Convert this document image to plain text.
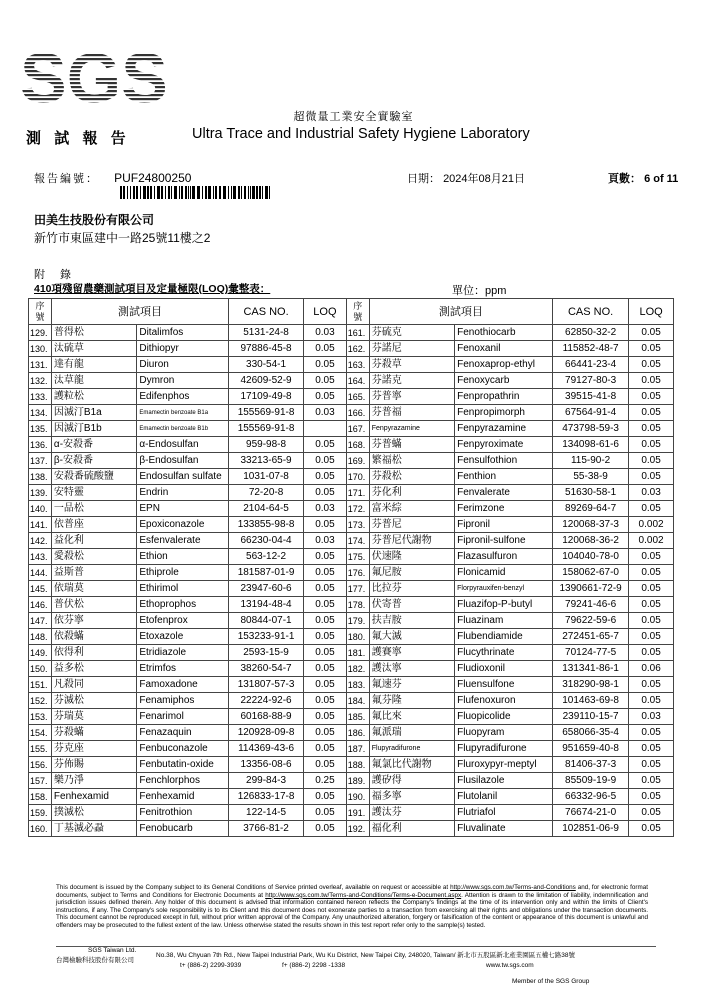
SGS	超微量工業安全實驗室
測 試 報 告	Ultra Trace and Industrial Safety Hygiene Laboratory
報告編號： PUF24800250	日期： 2024年08月21日	頁數： 6 of 11
田美生技股份有限公司
新竹市東區建中一路25號11樓之2
附 錄
410項殘留農藥測試項目及定量極限(LOQ)彙整表：	單位：ppm
序號	測試項目		CAS NO.	LOQ	序號	測試項目		CAS NO.	LOQ
129.	普得松	Ditalimfos	5131-24-8	0.03	161.	芬硫克	Fenothiocarb	62850-32-2	0.05
130.	汰硫草	Dithiopyr	97886-45-8	0.05	162.	芬諾尼	Fenoxanil	115852-48-7	0.05
131.	達有龍	Diuron	330-54-1	0.05	163.	芬殺草	Fenoxaprop-ethyl	66441-23-4	0.05
132.	汰草龍	Dymron	42609-52-9	0.05	164.	芬諾克	Fenoxycarb	79127-80-3	0.05
133.	護粒松	Edifenphos	17109-49-8	0.05	165.	芬普寧	Fenpropathrin	39515-41-8	0.05
134.	因滅汀B1a	Emamectin benzoate B1a	155569-91-8	0.03	166.	芬普福	Fenpropimorph	67564-91-4	0.05
135.	因滅汀B1b	Emamectin benzoate B1b	155569-91-8		167.	Fenpyrazamine	Fenpyrazamine	473798-59-3	0.05
136.	α-安殺番	α-Endosulfan	959-98-8	0.05	168.	芬普蟎	Fenpyroximate	134098-61-6	0.05
137.	β-安殺番	β-Endosulfan	33213-65-9	0.05	169.	繁福松	Fensulfothion	115-90-2	0.05
138.	安殺番硫酸鹽	Endosulfan sulfate	1031-07-8	0.05	170.	芬殺松	Fenthion	55-38-9	0.05
139.	安特靈	Endrin	72-20-8	0.05	171.	芬化利	Fenvalerate	51630-58-1	0.03
140.	一品松	EPN	2104-64-5	0.03	172.	富米綜	Ferimzone	89269-64-7	0.05
141.	依普座	Epoxiconazole	133855-98-8	0.05	173.	芬普尼	Fipronil	120068-37-3	0.002
142.	益化利	Esfenvalerate	66230-04-4	0.03	174.	芬普尼代謝物	Fipronil-sulfone	120068-36-2	0.002
143.	愛殺松	Ethion	563-12-2	0.05	175.	伏速隆	Flazasulfuron	104040-78-0	0.05
144.	益斯普	Ethiprole	181587-01-9	0.05	176.	氟尼胺	Flonicamid	158062-67-0	0.05
145.	依瑞莫	Ethirimol	23947-60-6	0.05	177.	比拉芬	Florpyrauxifen-benzyl	1390661-72-9	0.05
146.	普伏松	Ethoprophos	13194-48-4	0.05	178.	伏寄普	Fluazifop-P-butyl	79241-46-6	0.05
147.	依芬寧	Etofenprox	80844-07-1	0.05	179.	扶吉胺	Fluazinam	79622-59-6	0.05
148.	依殺蟎	Etoxazole	153233-91-1	0.05	180.	氟大滅	Flubendiamide	272451-65-7	0.05
149.	依得利	Etridiazole	2593-15-9	0.05	181.	護賽寧	Flucythrinate	70124-77-5	0.05
150.	益多松	Etrimfos	38260-54-7	0.05	182.	護汰寧	Fludioxonil	131341-86-1	0.06
151.	凡殺同	Famoxadone	131807-57-3	0.05	183.	氟速芬	Fluensulfone	318290-98-1	0.05
152.	芬滅松	Fenamiphos	22224-92-6	0.05	184.	氟芬隆	Flufenoxuron	101463-69-8	0.05
153.	芬瑞莫	Fenarimol	60168-88-9	0.05	185.	氟比來	Fluopicolide	239110-15-7	0.03
154.	芬殺蟎	Fenazaquin	120928-09-8	0.05	186.	氟派瑞	Fluopyram	658066-35-4	0.05
155.	芬克座	Fenbuconazole	114369-43-6	0.05	187.	Flupyradifurone	Flupyradifurone	951659-40-8	0.05
156.	芬佈賜	Fenbutatin-oxide	13356-08-6	0.05	188.	氟氯比代謝物	Fluroxypyr-meptyl	81406-37-3	0.05
157.	樂乃淨	Fenchlorphos	299-84-3	0.25	189.	護矽得	Flusilazole	85509-19-9	0.05
158.	Fenhexamid	Fenhexamid	126833-17-8	0.05	190.	福多寧	Flutolanil	66332-96-5	0.05
159.	撲滅松	Fenitrothion	122-14-5	0.05	191.	護汰芬	Flutriafol	76674-21-0	0.05
160.	丁基滅必蝨	Fenobucarb	3766-81-2	0.05	192.	福化利	Fluvalinate	102851-06-9	0.05
This document is issued by the Company subject to its General Conditions of Service printed overleaf, available on request or accessible at http://www.sgs.com.tw/Terms-and-Conditions and, for electronic format documents, subject to Terms and Conditions for Electronic Documents at http://www.sgs.com.tw/Terms-and-Conditions/Terms-e-Document.aspx. Attention is drawn to the limitation of liability, indemnification and jurisdiction issues defined therein. Any holder of this document is advised that information contained hereon reflects the Company's findings at the time of its intervention only and within the limits of Client's instructions, if any. The Company's sole responsibility is to its Client and this document does not exonerate parties to a transaction from exercising all their rights and obligations under the transaction documents. This document cannot be reproduced except in full, without prior written approval of the Company. Any unauthorized alteration, forgery or falsification of the content or appearance of this document is unlawful and offenders may be prosecuted to the fullest extent of the law. Unless otherwise stated the results shown in this test report refer only to the sample(s) tested.
SGS Taiwan Ltd.
台灣檢驗科技股份有限公司
No.38, Wu Chyuan 7th Rd., New Taipei Industrial Park, Wu Ku District, New Taipei City, 248020, Taiwan/ 新北市五股區新北產業園區五權七路38號
t+ (886-2) 2299-3939	f+ (886-2) 2298 -1338	www.tw.sgs.com
Member of the SGS Group
